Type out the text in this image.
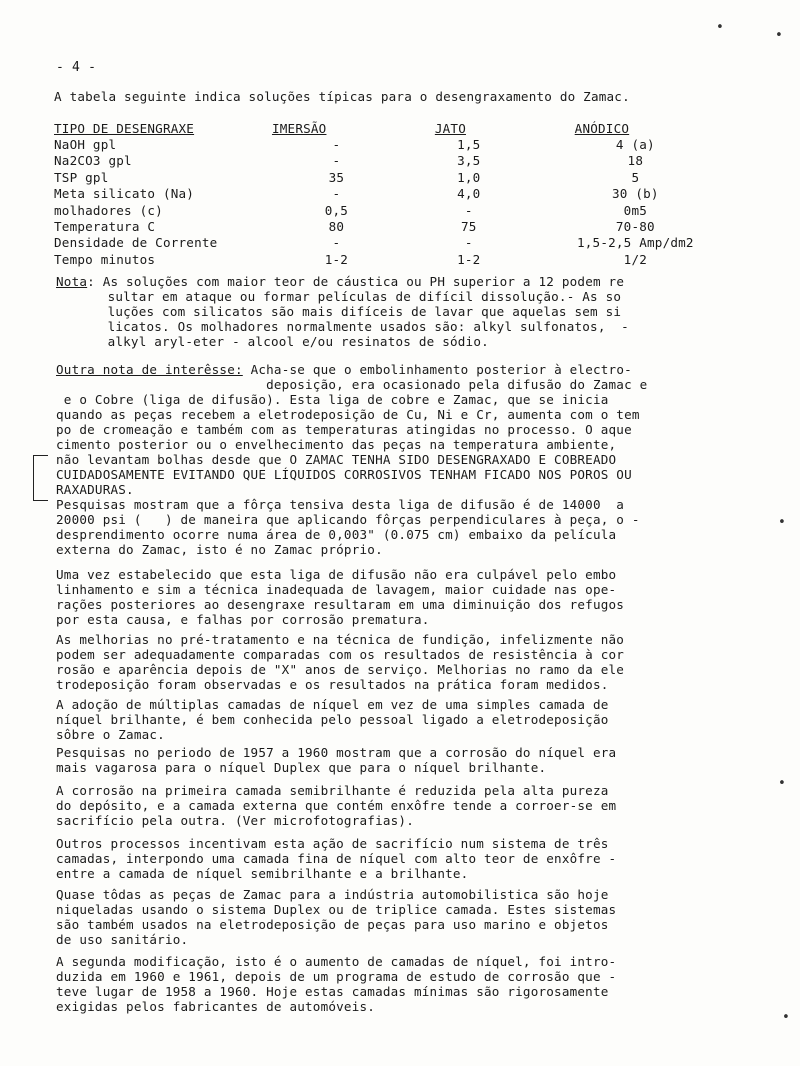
- 4 -
A tabela seguinte indica soluções típicas para o desengraxamento do Zamac.
TIPO DE DESENGRAXE	IMERSÃO	JATO	ANÓDICO
NaOH gpl	-	1,5	4 (a)
Na2CO3 gpl	-	3,5	18
TSP gpl	35	1,0	5
Meta silicato (Na)	-	4,0	30 (b)
molhadores (c)	0,5	-	0m5
Temperatura C	80	75	70-80
Densidade de Corrente	-	-	1,5-2,5 Amp/dm2
Tempo minutos	1-2	1-2	1/2

Nota: As soluções com maior teor de cáustica ou PH superior a 12 podem re

sultar em ataque ou formar películas de difícil dissolução.- As so

luções com silicatos são mais difíceis de lavar que aquelas sem si

licatos. Os molhadores normalmente usados são: alkyl sulfonatos,  -

alkyl aryl-eter - alcool e/ou resinatos de sódio.

Outra nota de interêsse: Acha-se que o embolinhamento posterior à electro-

deposição, era ocasionado pela difusão do Zamac e

e o Cobre (liga de difusão). Esta liga de cobre e Zamac, que se inicia

quando as peças recebem a eletrodeposição de Cu, Ni e Cr, aumenta com o tem

po de cromeação e também com as temperaturas atingidas no processo. O aque

cimento posterior ou o envelhecimento das peças na temperatura ambiente,

não levantam bolhas desde que O ZAMAC TENHA SIDO DESENGRAXADO E COBREADO

CUIDADOSAMENTE EVITANDO QUE LÍQUIDOS CORROSIVOS TENHAM FICADO NOS POROS OU

RAXADURAS.

Pesquisas mostram que a fôrça tensiva desta liga de difusão é de 14000  a

20000 psi (   ) de maneira que aplicando fôrças perpendiculares à peça, o -

desprendimento ocorre numa área de 0,003" (0.075 cm) embaixo da película

externa do Zamac, isto é no Zamac próprio.

Uma vez estabelecido que esta liga de difusão não era culpável pelo embo

linhamento e sim a técnica inadequada de lavagem, maior cuidade nas ope-

rações posteriores ao desengraxe resultaram em uma diminuição dos refugos

por esta causa, e falhas por corrosão prematura.

As melhorias no pré-tratamento e na técnica de fundição, infelizmente não

podem ser adequadamente comparadas com os resultados de resistência à cor

rosão e aparência depois de "X" anos de serviço. Melhorias no ramo da ele

trodeposição foram observadas e os resultados na prática foram medidos.

A adoção de múltiplas camadas de níquel em vez de uma simples camada de

níquel brilhante, é bem conhecida pelo pessoal ligado a eletrodeposição

sôbre o Zamac.

Pesquisas no periodo de 1957 a 1960 mostram que a corrosão do níquel era

mais vagarosa para o níquel Duplex que para o níquel brilhante.

A corrosão na primeira camada semibrilhante é reduzida pela alta pureza

do depósito, e a camada externa que contém enxôfre tende a corroer-se em

sacrifício pela outra. (Ver microfotografias).

Outros processos incentivam esta ação de sacrifício num sistema de três

camadas, interpondo uma camada fina de níquel com alto teor de enxôfre -

entre a camada de níquel semibrilhante e a brilhante.

Quase tôdas as peças de Zamac para a indústria automobilistica são hoje

niqueladas usando o sistema Duplex ou de triplice camada. Estes sistemas

são também usados na eletrodeposição de peças para uso marino e objetos

de uso sanitário.

A segunda modificação, isto é o aumento de camadas de níquel, foi intro-

duzida em 1960 e 1961, depois de um programa de estudo de corrosão que -

teve lugar de 1958 a 1960. Hoje estas camadas mínimas são rigorosamente

exigidas pelos fabricantes de automóveis.

•
•
•
•
•
